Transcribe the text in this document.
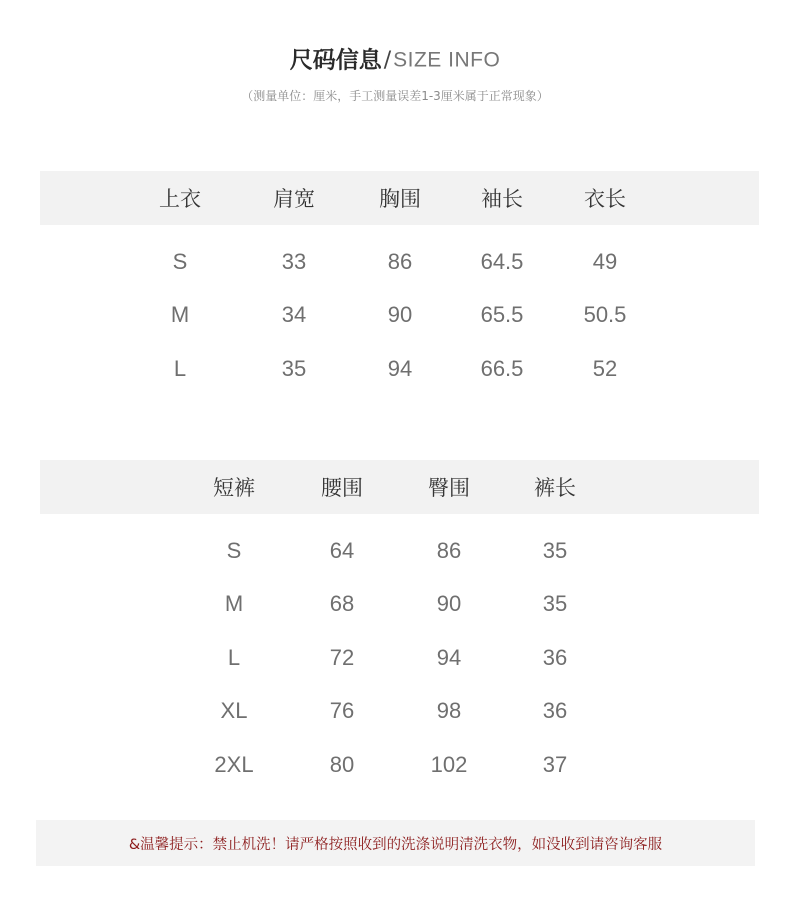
尺码信息/SIZE INFO
（测量单位：厘米，手工测量误差1-3厘米属于正常现象）
上衣	肩宽	胸围	袖长	衣长
S	33	86	64.5	49
M	34	90	65.5	50.5
L	35	94	66.5	52
短裤	腰围	臀围	裤长
S	64	86	35
M	68	90	35
L	72	94	36
XL	76	98	36
2XL	80	102	37
&温馨提示：禁止机洗！请严格按照收到的洗涤说明清洗衣物，如没收到请咨询客服
